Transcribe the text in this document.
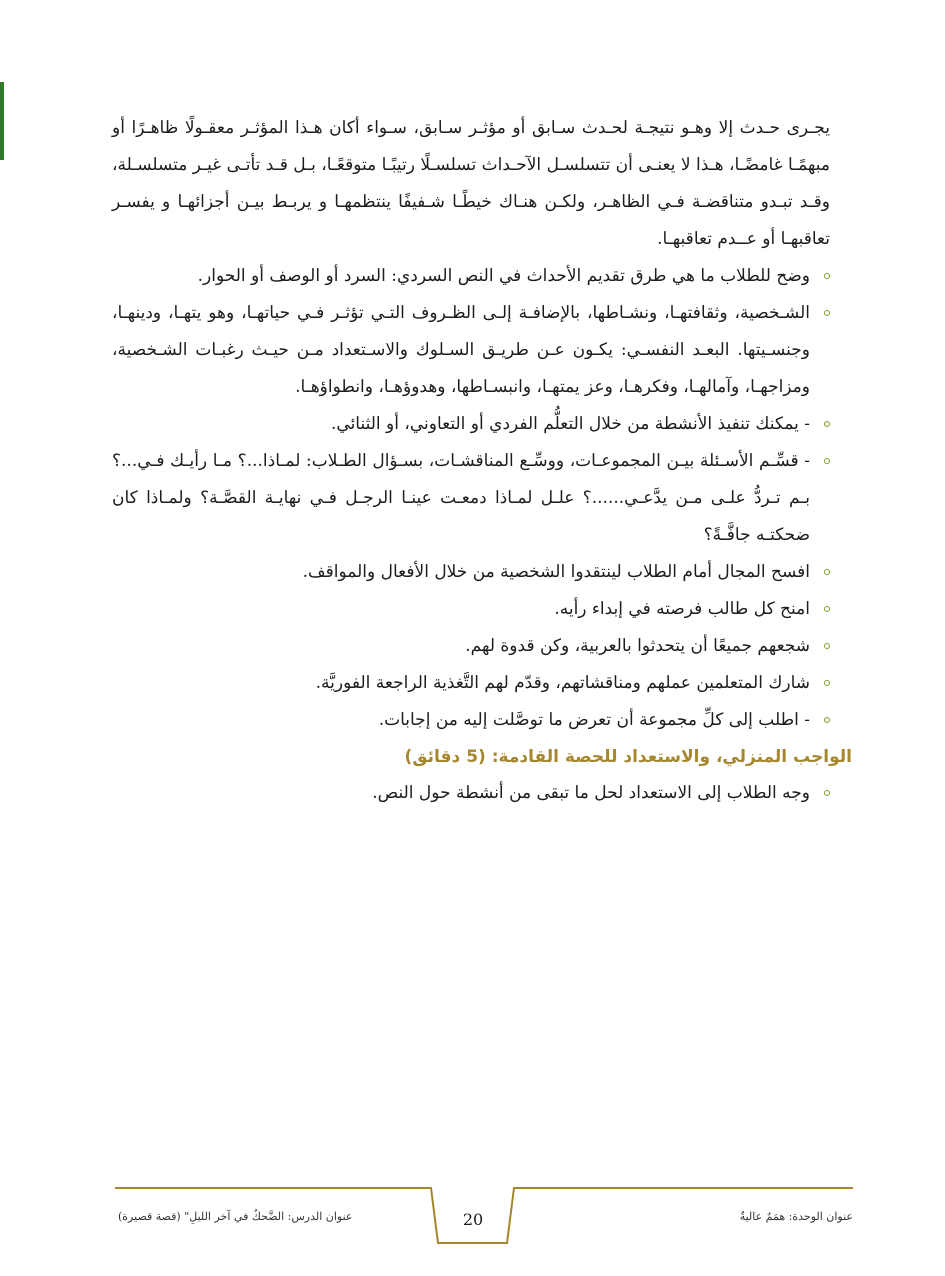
يجـرى حـدث إلا وهـو نتيجـة لحـدث سـابق أو مؤثـر سـابق، سـواء أكان هـذا المؤثـر معقـولًا ظاهـرًا أو مبهمًـا غامضًـا، هـذا لا يعنـى أن تتسلسـل الآحـداث تسلسـلًا رتيبًـا متوقعًـا، بـل قـد تأتـى غيـر متسلسـلة، وقـد تبـدو متناقضـة فـي الظاهـر، ولكـن هنـاك خيطًـا شـفيفًا ينتظمهـا و يربـط بيـن أجزائهـا و يفسـر تعاقبهـا أو عــدم تعاقبهـا.

وضح للطلاب ما هي طرق تقديم الأحداث في النص السردي: السرد أو الوصف أو الحوار.

الشـخصية، وثقافتهـا، ونشـاطها، بالإضافـة إلـى الظـروف التـي تؤثـر فـي حياتهـا، وهو يتهـا، ودينهـا، وجنسـيتها. البعـد النفسـي: يكـون عـن طريـق السـلوك والاسـتعداد مـن حيـث رغبـات الشـخصية، ومزاجهـا، وآمالهـا، وفكرهـا، وعز يمتهـا، وانبسـاطها، وهدوؤهـا، وانطواؤهـا.

- يمكنك تنفيذ الأنشطة من خلال التعلُّم الفردي أو التعاوني، أو الثنائي.

- قسِّـم الأسـئلة بيـن المجموعـات، ووسِّـع المناقشـات، بسـؤال الطـلاب: لمـاذا...؟ مـا رأيـك فـي...؟ بـم تـردُّ علـى مـن يدَّعـي......؟ علـل لمـاذا دمعـت عينـا الرجـل فـي نهايـة القصَّـة؟ ولمـاذا كان ضحكتـه جافَّـةً؟

افسح المجال أمام الطلاب لينتقدوا الشخصية من خلال الأفعال والمواقف.

امنح كل طالب فرصته في إبداء رأيه.

شجعهم جميعًا أن يتحدثوا بالعربية، وكن قدوة لهم.

شارك المتعلمين عملهم ومناقشاتهم، وقدّم لهم التَّغذية الراجعة الفوريَّة.

- اطلب إلى كلِّ مجموعة أن تعرض ما توصَّلت إليه من إجابات.

الواجب المنزلي، والاستعداد للحصة القادمة: (5 دقائق)

وجه الطلاب إلى الاستعداد لحل ما تبقى من أنشطة حول النص.

عنوان الدرس: الضَّحكُ في آخر الليلِ" (قصة قصيرة)	20	عنوان الوحدة: همَمٌ عاليةٌ
